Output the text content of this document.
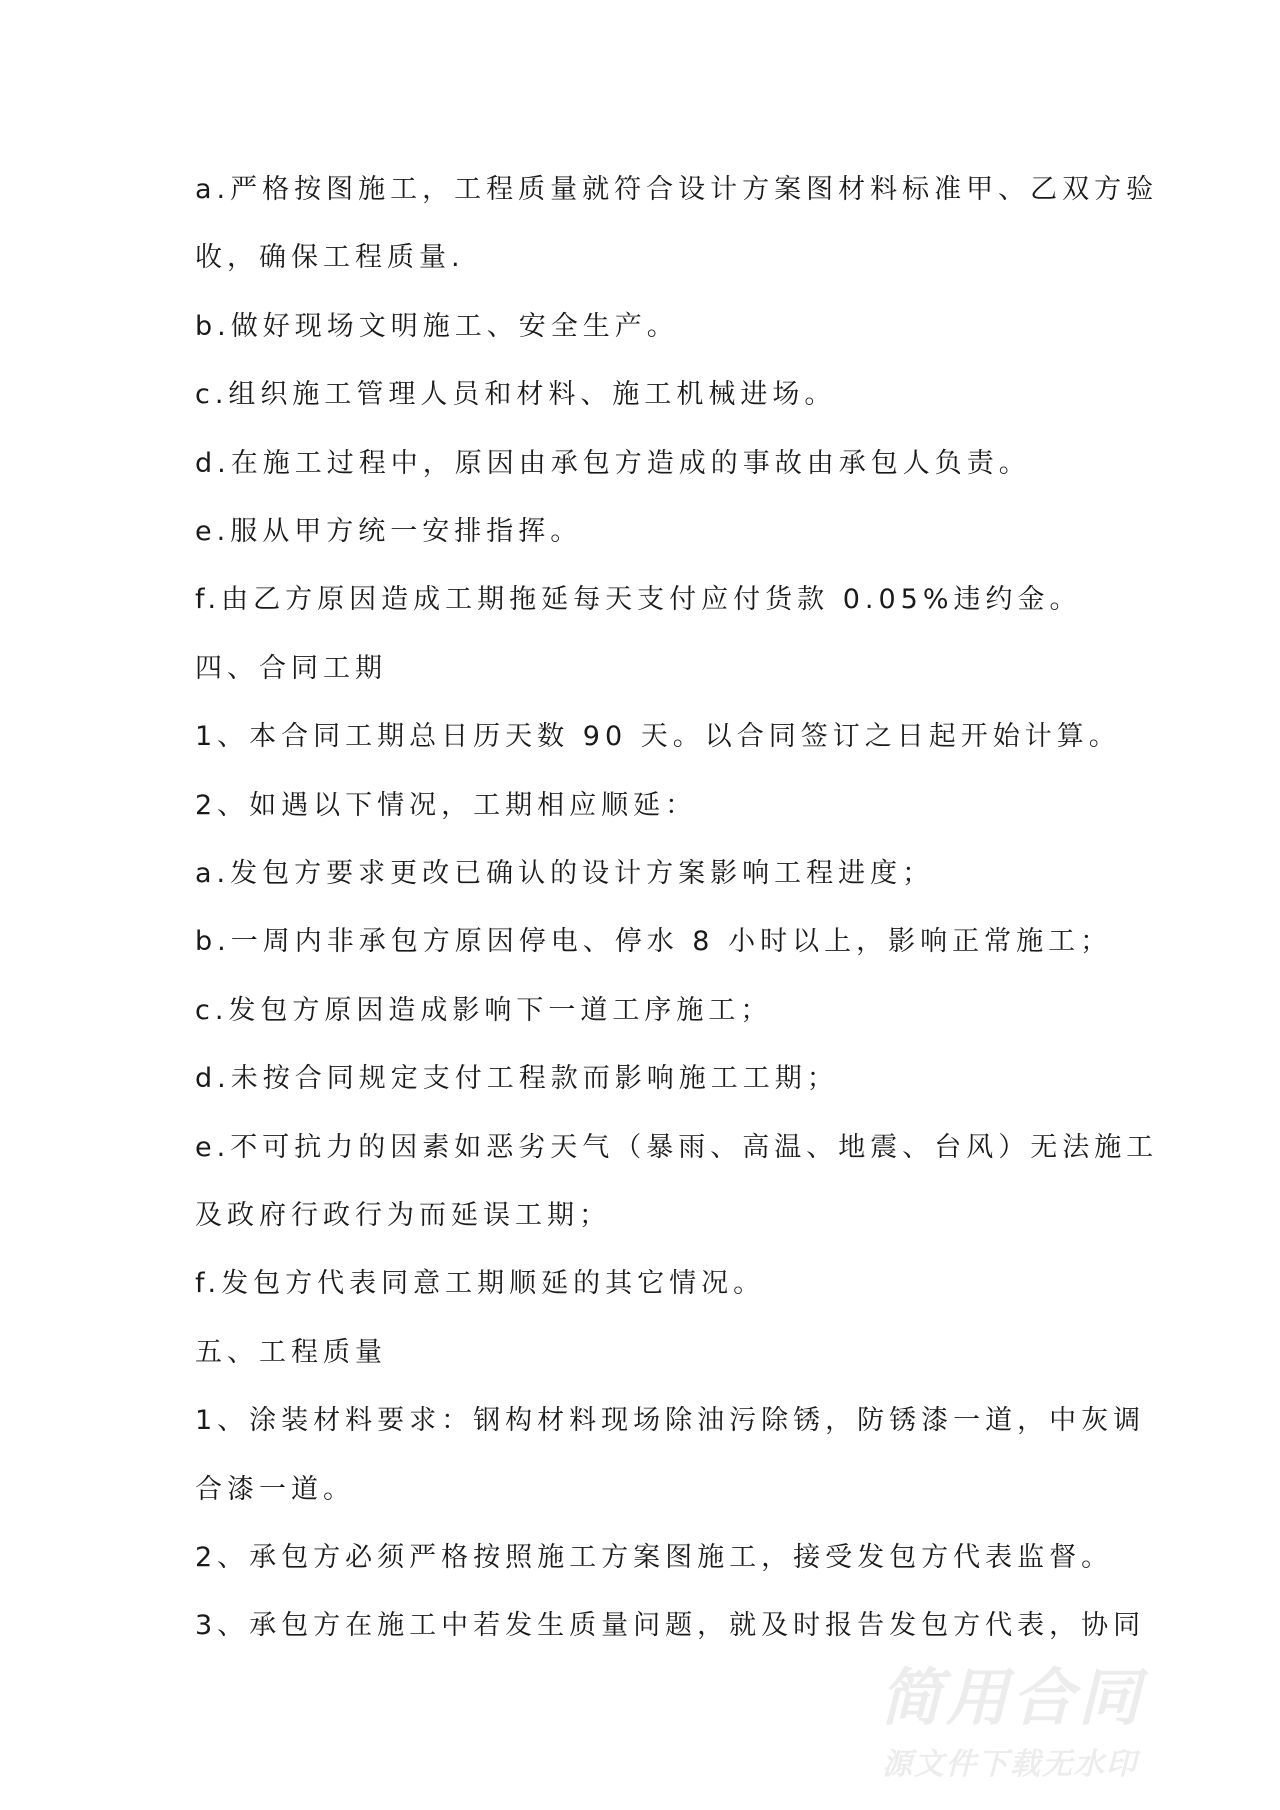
a.严格按图施工，工程质量就符合设计方案图材料标准甲、乙双方验
收，确保工程质量.
b.做好现场文明施工、安全生产。
c.组织施工管理人员和材料、施工机械进场。
d.在施工过程中，原因由承包方造成的事故由承包人负责。
e.服从甲方统一安排指挥。
f.由乙方原因造成工期拖延每天支付应付货款 0.05%违约金。
四、合同工期
1、本合同工期总日历天数 90 天。以合同签订之日起开始计算。
2、如遇以下情况，工期相应顺延：
a.发包方要求更改已确认的设计方案影响工程进度；
b.一周内非承包方原因停电、停水 8 小时以上，影响正常施工；
c.发包方原因造成影响下一道工序施工；
d.未按合同规定支付工程款而影响施工工期；
e.不可抗力的因素如恶劣天气（暴雨、高温、地震、台风）无法施工
及政府行政行为而延误工期；
f.发包方代表同意工期顺延的其它情况。
五、工程质量
1、涂装材料要求：钢构材料现场除油污除锈，防锈漆一道，中灰调
合漆一道。
2、承包方必须严格按照施工方案图施工，接受发包方代表监督。
3、承包方在施工中若发生质量问题，就及时报告发包方代表，协同
简用合同
源文件下载无水印
